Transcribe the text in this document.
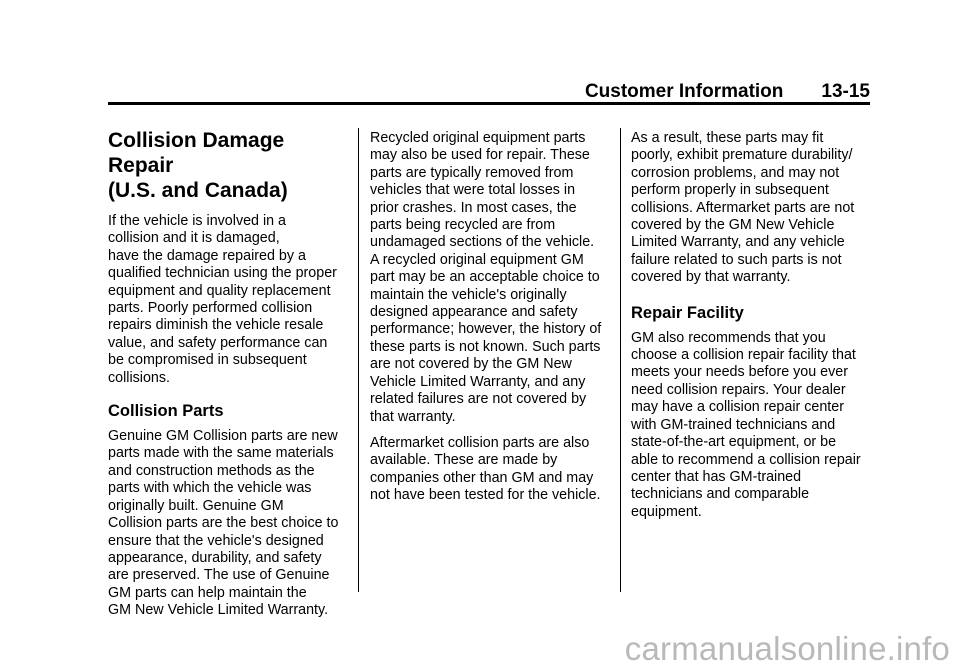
Customer Information 13-15
Collision Damage Repair
(U.S. and Canada)

If the vehicle is involved in a
collision and it is damaged,
have the damage repaired by a
qualified technician using the proper
equipment and quality replacement
parts. Poorly performed collision
repairs diminish the vehicle resale
value, and safety performance can
be compromised in subsequent
collisions.

Collision Parts

Genuine GM Collision parts are new
parts made with the same materials
and construction methods as the
parts with which the vehicle was
originally built. Genuine GM
Collision parts are the best choice to
ensure that the vehicle's designed
appearance, durability, and safety
are preserved. The use of Genuine
GM parts can help maintain the
GM New Vehicle Limited Warranty.

Recycled original equipment parts
may also be used for repair. These
parts are typically removed from
vehicles that were total losses in
prior crashes. In most cases, the
parts being recycled are from
undamaged sections of the vehicle.
A recycled original equipment GM
part may be an acceptable choice to
maintain the vehicle's originally
designed appearance and safety
performance; however, the history of
these parts is not known. Such parts
are not covered by the GM New
Vehicle Limited Warranty, and any
related failures are not covered by
that warranty.

Aftermarket collision parts are also
available. These are made by
companies other than GM and may
not have been tested for the vehicle.

As a result, these parts may fit
poorly, exhibit premature durability/
corrosion problems, and may not
perform properly in subsequent
collisions. Aftermarket parts are not
covered by the GM New Vehicle
Limited Warranty, and any vehicle
failure related to such parts is not
covered by that warranty.

Repair Facility

GM also recommends that you
choose a collision repair facility that
meets your needs before you ever
need collision repairs. Your dealer
may have a collision repair center
with GM-trained technicians and
state-of-the-art equipment, or be
able to recommend a collision repair
center that has GM-trained
technicians and comparable
equipment.

carmanualsonline.info
